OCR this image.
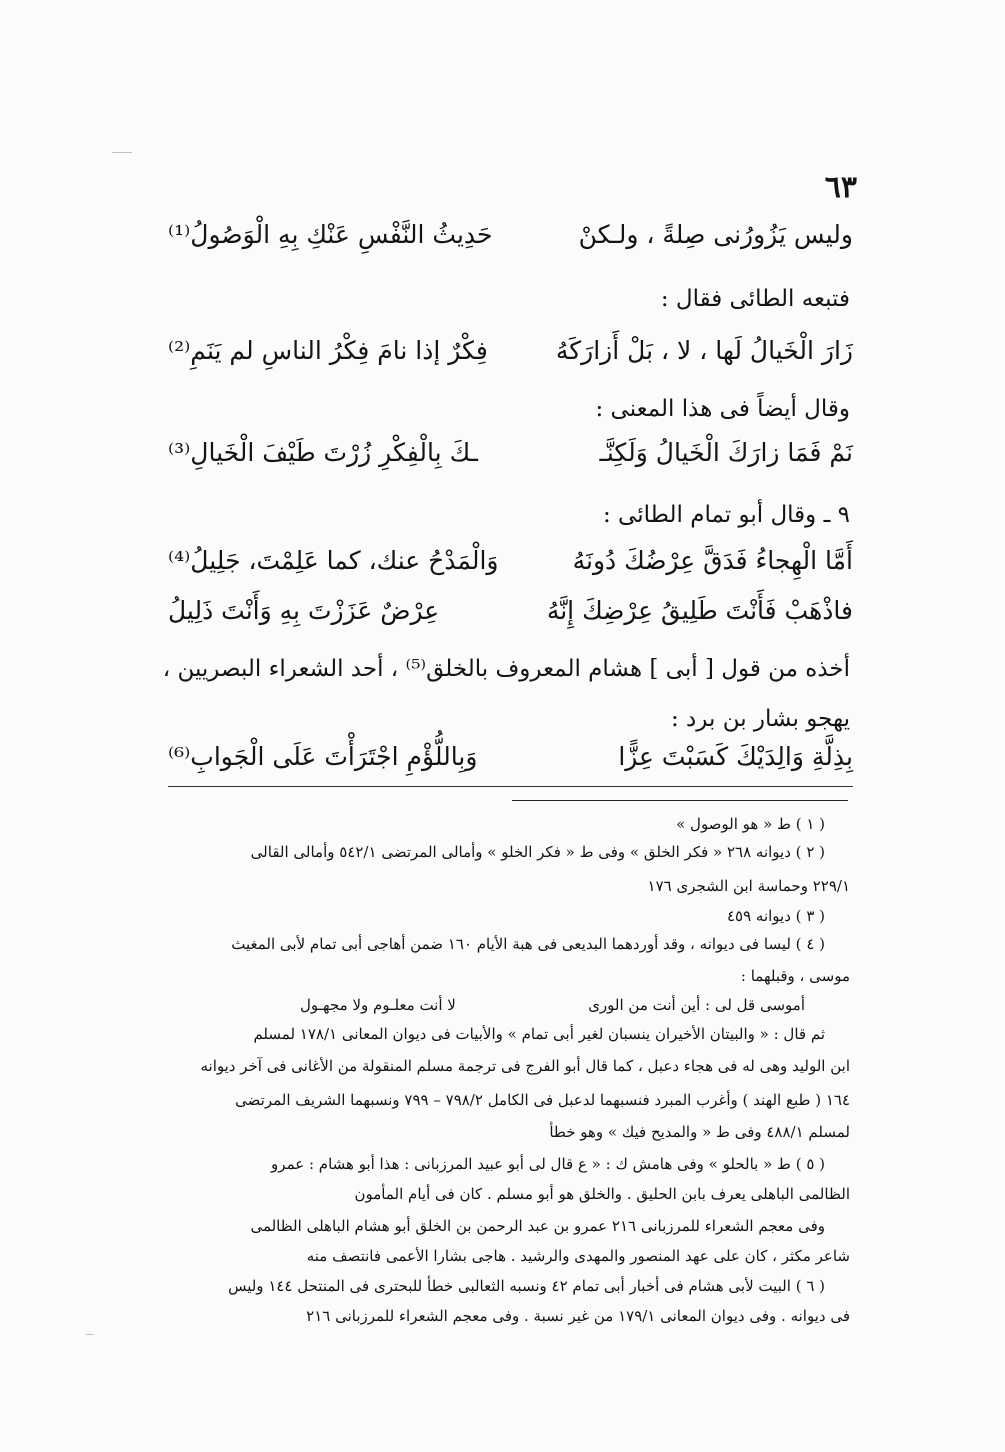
٦٣
وليس يَزُورُنى صِلةً ، ولـكنْ
حَدِيثُ النَّفْسِ عَنْكِ بِهِ الْوَصُولُ⁽¹⁾
فتبعه الطائى فقال :
زَارَ الْخَيالُ لَها ، لا ، بَلْ أَزارَكَهُ
فِكْرٌ إذا نامَ فِكْرُ الناسِ لم يَنَمِ⁽²⁾
وقال أيضاً فى هذا المعنى :
نَمْ فَمَا زارَكَ الْخَيالُ وَلَكِنَّـ
ـكَ بِالْفِكْرِ زُرْتَ طَيْفَ الْخَيالِ⁽³⁾
٩ ـ وقال أبو تمام الطائى :
أَمَّا الْهِجاءُ فَدَقَّ عِرْضُكَ دُونَهُ
وَالْمَدْحُ عنك، كما عَلِمْتَ، جَلِيلُ⁽⁴⁾
فاذْهَبْ فَأَنْتَ طَلِيقُ عِرْضِكَ إِنَّهُ
عِرْضٌ عَزَزْتَ بِهِ وَأَنْتَ ذَلِيلُ
أخذه من قول [ أبى ] هشام المعروف بالخلق⁽⁵⁾ ، أحد الشعراء البصريين ،
يهجو بشار بن برد :
بِذِلَّةِ وَالِدَيْكَ كَسَبْتَ عِزًّا
وَبِاللُّؤْمِ اجْتَرَأْتَ عَلَى الْجَوابِ⁽⁶⁾
( ١ ) ط « هو الوصول »
( ٢ ) ديوانه ٢٦٨ « فكر الخلق » وفى ط « فكر الخلو » وأمالى المرتضى ٥٤٢/١ وأمالى القالى
٢٢٩/١ وحماسة ابن الشجرى ١٧٦
( ٣ ) ديوانه ٤٥٩
( ٤ ) ليسا فى ديوانه ، وقد أوردهما البديعى فى هبة الأيام ١٦٠ ضمن أهاجى أبى تمام لأبى المغيث
موسى ، وقبلهما :
أموسى قل لى : أين أنت من الورى
لا أنت معلـوم ولا مجهـول
ثم قال : « والبيتان الأخيران ينسبان لغير أبى تمام » والأبيات فى ديوان المعانى ١٧٨/١ لمسلم
ابن الوليد وهى له فى هجاء دعبل ، كما قال أبو الفرج فى ترجمة مسلم المنقولة من الأغانى فى آخر ديوانه
١٦٤ ( طبع الهند ) وأغرب المبرد فنسبهما لدعبل فى الكامل ٧٩٨/٢ – ٧٩٩ ونسبهما الشريف المرتضى
لمسلم ٤٨٨/١ وفى ط « والمديح فيك » وهو خطأ
( ٥ ) ط « بالحلو » وفى هامش ك : « ع قال لى أبو عبيد المرزبانى : هذا أبو هشام : عمرو
الظالمى الباهلى يعرف بابن الحليق . والخلق هو أبو مسلم . كان فى أيام المأمون
وفى معجم الشعراء للمرزبانى ٢١٦ عمرو بن عبد الرحمن بن الخلق أبو هشام الباهلى الظالمى
شاعر مكثر ، كان على عهد المنصور والمهدى والرشيد . هاجى بشارا الأعمى فانتصف منه
( ٦ ) البيت لأبى هشام فى أخبار أبى تمام ٤٢ ونسبه الثعالبى خطأ للبحترى فى المنتحل ١٤٤ وليس
فى ديوانه . وفى ديوان المعانى ١٧٩/١ من غير نسبة . وفى معجم الشعراء للمرزبانى ٢١٦
